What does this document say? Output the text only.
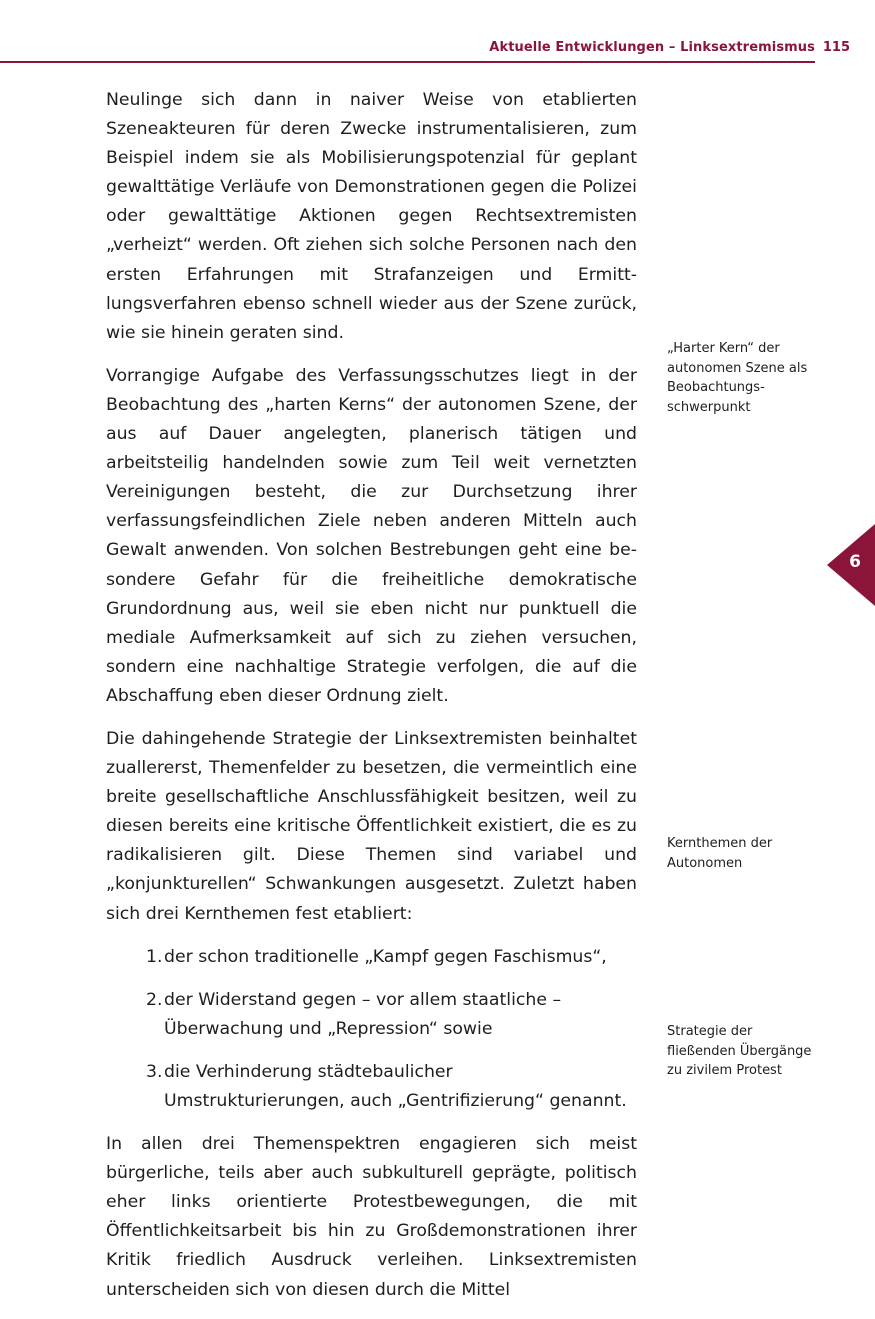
Aktuelle Entwicklungen – Linksextremismus 115

Neulinge sich dann in naiver Weise von etablierten Szeneakteuren für deren Zwecke instrumentalisieren, zum Beispiel indem sie als Mobilisierungspotenzial für geplant gewalttätige Verläufe von Demonstrationen gegen die Polizei oder gewalttätige Aktionen gegen Rechtsextremisten „verheizt“ werden. Oft ziehen sich solche Personen nach den ersten Erfahrungen mit Strafanzeigen und Ermittlungsverfahren ebenso schnell wieder aus der Szene zurück, wie sie hinein geraten sind.

Vorrangige Aufgabe des Verfassungsschutzes liegt in der Beobachtung des „harten Kerns“ der autonomen Szene, der aus auf Dauer angelegten, planerisch tätigen und arbeitsteilig handelnden sowie zum Teil weit vernetzten Vereinigungen besteht, die zur Durchsetzung ihrer verfassungsfeindlichen Ziele neben anderen Mitteln auch Gewalt anwenden. Von solchen Bestrebungen geht eine besondere Gefahr für die freiheitliche demokratische Grundordnung aus, weil sie eben nicht nur punktuell die mediale Aufmerksamkeit auf sich zu ziehen versuchen, sondern eine nachhaltige Strategie verfolgen, die auf die Abschaffung eben dieser Ordnung zielt.

Die dahingehende Strategie der Linksextremisten beinhaltet zuallererst, Themenfelder zu besetzen, die vermeintlich eine breite gesellschaftliche Anschlussfähigkeit besitzen, weil zu diesen bereits eine kritische Öffentlichkeit existiert, die es zu radikalisieren gilt. Diese Themen sind variabel und „konjunkturellen“ Schwankungen ausgesetzt. Zuletzt haben sich drei Kernthemen fest etabliert:

1. der schon traditionelle „Kampf gegen Faschismus“,
2. der Widerstand gegen – vor allem staatliche – Überwachung und „Repression“ sowie
3. die Verhinderung städtebaulicher Umstrukturierungen, auch „Gentrifizierung“ genannt.

In allen drei Themenspektren engagieren sich meist bürgerliche, teils aber auch subkulturell geprägte, politisch eher links orientierte Protestbewegungen, die mit Öffentlichkeitsarbeit bis hin zu Großdemonstrationen ihrer Kritik friedlich Ausdruck verleihen. Linksextremisten unterscheiden sich von diesen durch die Mittel

„Harter Kern“ der autonomen Szene als Beobachtungsschwerpunkt
Kernthemen der Autonomen
Strategie der fließenden Übergänge zu zivilem Protest
6
